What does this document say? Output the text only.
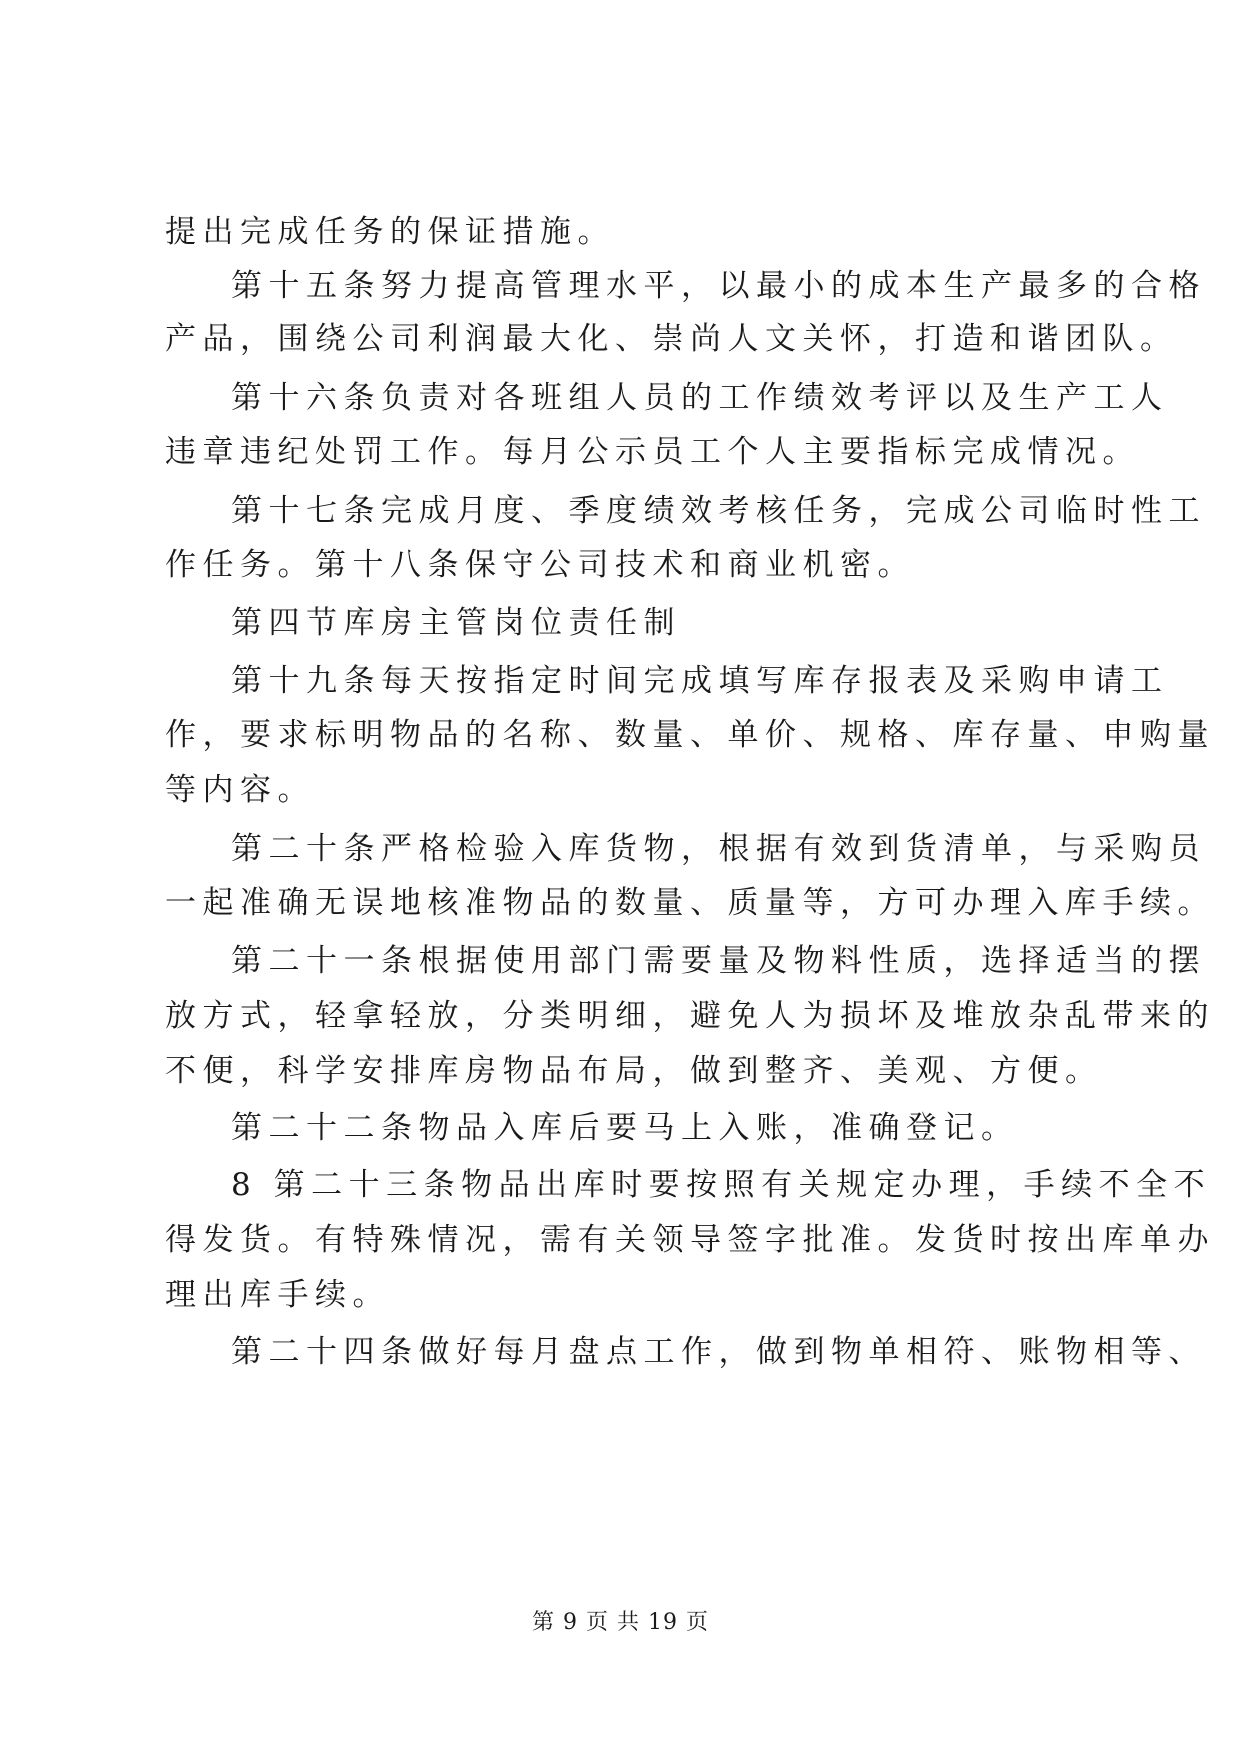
提出完成任务的保证措施。
第十五条努力提高管理水平，以最小的成本生产最多的合格
产品，围绕公司利润最大化、崇尚人文关怀，打造和谐团队。
第十六条负责对各班组人员的工作绩效考评以及生产工人
违章违纪处罚工作。每月公示员工个人主要指标完成情况。
第十七条完成月度、季度绩效考核任务，完成公司临时性工
作任务。第十八条保守公司技术和商业机密。
第四节库房主管岗位责任制
第十九条每天按指定时间完成填写库存报表及采购申请工
作，要求标明物品的名称、数量、单价、规格、库存量、申购量
等内容。
第二十条严格检验入库货物，根据有效到货清单，与采购员
一起准确无误地核准物品的数量、质量等，方可办理入库手续。
第二十一条根据使用部门需要量及物料性质，选择适当的摆
放方式，轻拿轻放，分类明细，避免人为损坏及堆放杂乱带来的
不便，科学安排库房物品布局，做到整齐、美观、方便。
第二十二条物品入库后要马上入账，准确登记。
8 第二十三条物品出库时要按照有关规定办理，手续不全不
得发货。有特殊情况，需有关领导签字批准。发货时按出库单办
理出库手续。
第二十四条做好每月盘点工作，做到物单相符、账物相等、
第 9 页 共 19 页
